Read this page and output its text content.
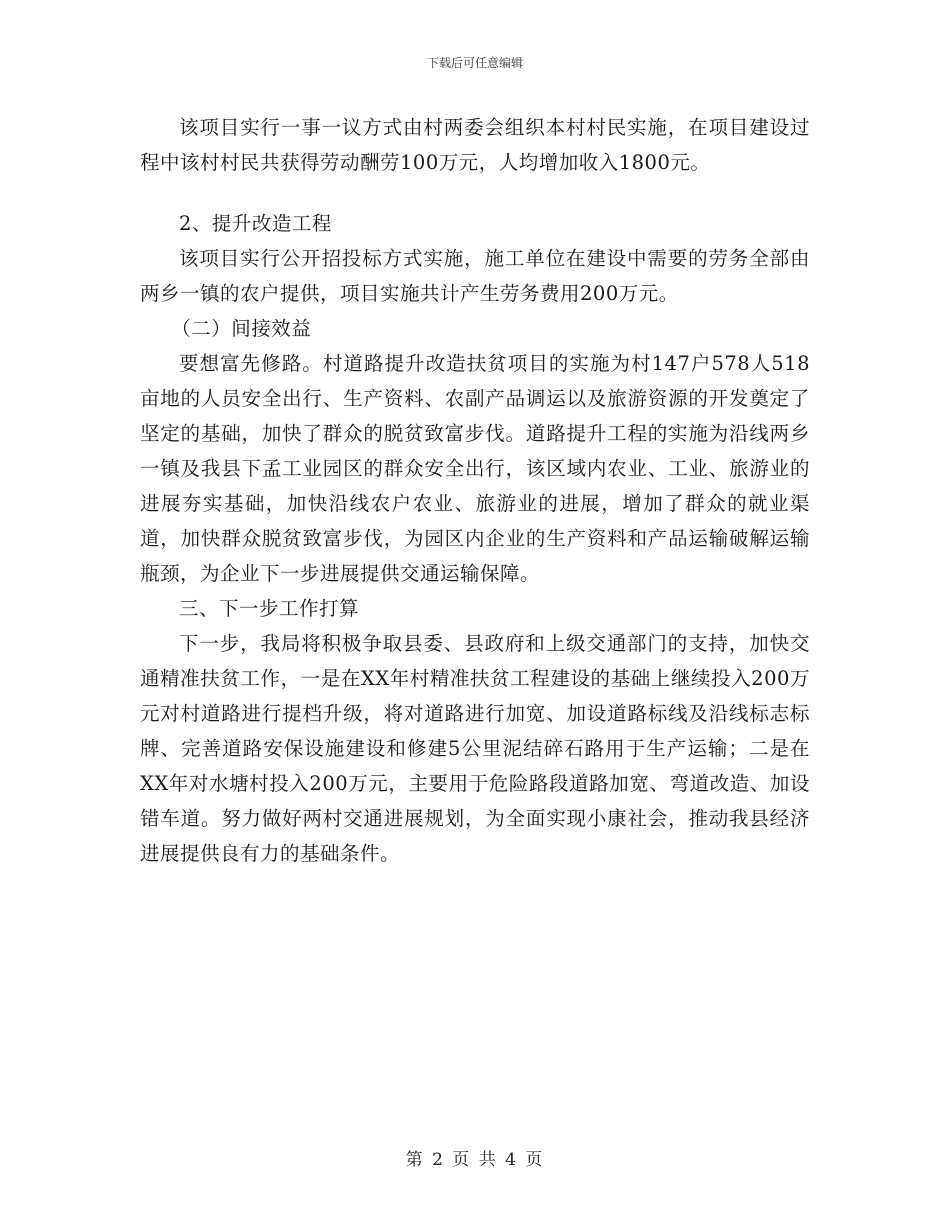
下载后可任意编辑

该项目实行一事一议方式由村两委会组织本村村民实施，在项目建设过程中该村村民共获得劳动酬劳100万元，人均增加收入1800元。

2、提升改造工程

该项目实行公开招投标方式实施，施工单位在建设中需要的劳务全部由两乡一镇的农户提供，项目实施共计产生劳务费用200万元。

（二）间接效益

要想富先修路。村道路提升改造扶贫项目的实施为村147户578人518亩地的人员安全出行、生产资料、农副产品调运以及旅游资源的开发奠定了坚定的基础，加快了群众的脱贫致富步伐。道路提升工程的实施为沿线两乡一镇及我县下孟工业园区的群众安全出行，该区域内农业、工业、旅游业的进展夯实基础，加快沿线农户农业、旅游业的进展，增加了群众的就业渠道，加快群众脱贫致富步伐，为园区内企业的生产资料和产品运输破解运输瓶颈，为企业下一步进展提供交通运输保障。

三、下一步工作打算

下一步，我局将积极争取县委、县政府和上级交通部门的支持，加快交通精准扶贫工作，一是在XX年村精准扶贫工程建设的基础上继续投入200万元对村道路进行提档升级，将对道路进行加宽、加设道路标线及沿线标志标牌、完善道路安保设施建设和修建5公里泥结碎石路用于生产运输；二是在XX年对水塘村投入200万元，主要用于危险路段道路加宽、弯道改造、加设错车道。努力做好两村交通进展规划，为全面实现小康社会，推动我县经济进展提供良有力的基础条件。

第 2 页 共 4 页
